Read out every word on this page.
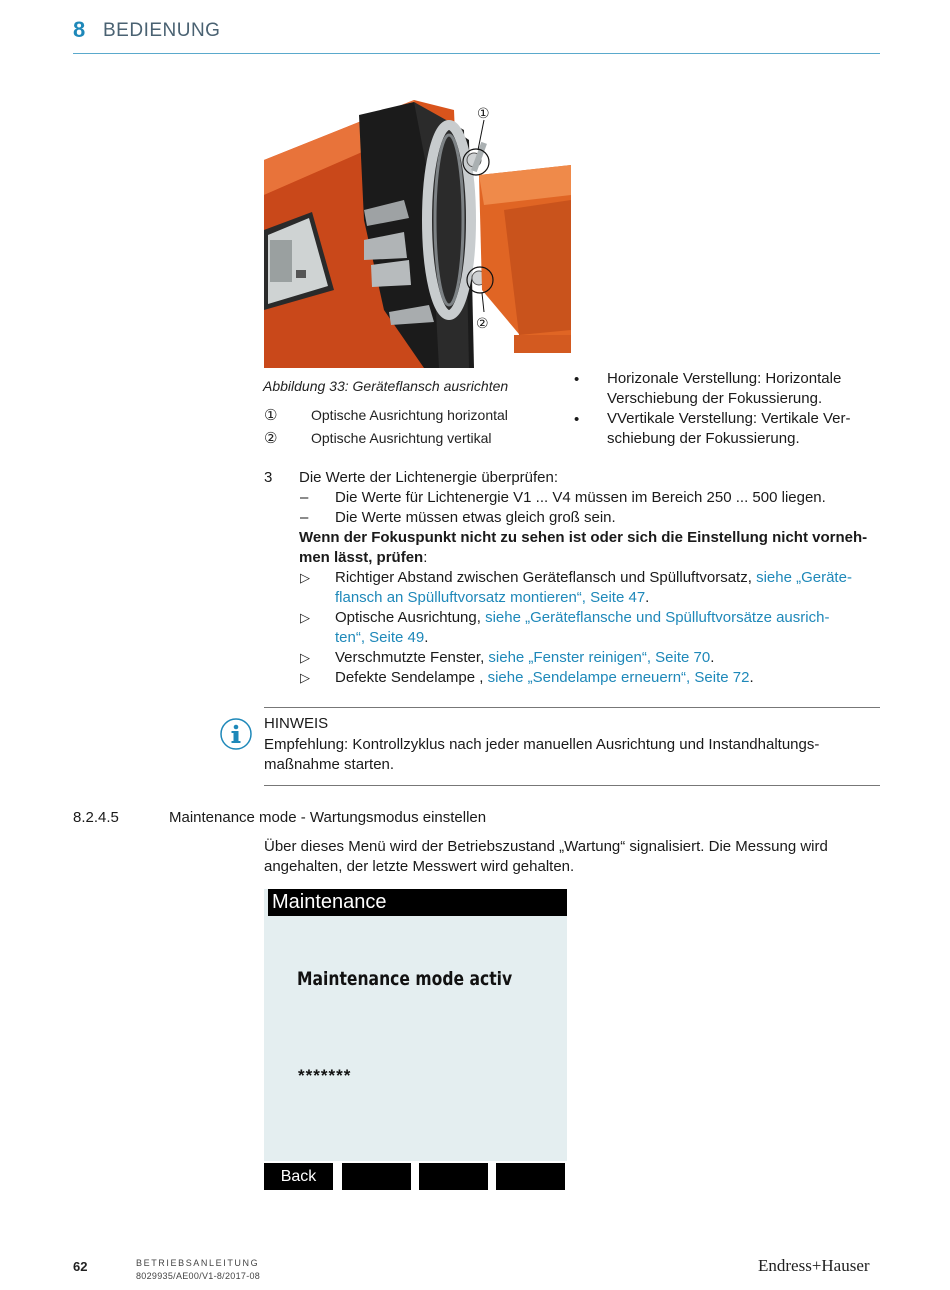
8 BEDIENUNG
①
②
Abbildung 33: Geräteflansch ausrichten
① Optische Ausrichtung horizontal
② Optische Ausrichtung vertikal
• Horizonale Verstellung: Horizontale
Verschiebung der Fokussierung.
• VVertikale Verstellung: Vertikale Ver-
schiebung der Fokussierung.
3 Die Werte der Lichtenergie überprüfen:
– Die Werte für Lichtenergie V1 ... V4 müssen im Bereich 250 ... 500 liegen.
– Die Werte müssen etwas gleich groß sein.
Wenn der Fokuspunkt nicht zu sehen ist oder sich die Einstellung nicht vorneh-
men lässt, prüfen:
▷ Richtiger Abstand zwischen Geräteflansch und Spülluftvorsatz, siehe „Geräte-
flansch an Spülluftvorsatz montieren“, Seite 47.
▷ Optische Ausrichtung, siehe „Geräteflansche und Spülluftvorsätze ausrich-
ten“, Seite 49.
▷ Verschmutzte Fenster, siehe „Fenster reinigen“, Seite 70.
▷ Defekte Sendelampe , siehe „Sendelampe erneuern“, Seite 72.
HINWEIS
Empfehlung: Kontrollzyklus nach jeder manuellen Ausrichtung und Instandhaltungs-
maßnahme starten.
8.2.4.5	Maintenance mode - Wartungsmodus einstellen
Über dieses Menü wird der Betriebszustand „Wartung“ signalisiert. Die Messung wird
angehalten, der letzte Messwert wird gehalten.
Maintenance
Maintenance mode activ
*******
Back
62	BETRIEBSANLEITUNG
8029935/AE00/V1-8/2017-08
Endress+Hauser
